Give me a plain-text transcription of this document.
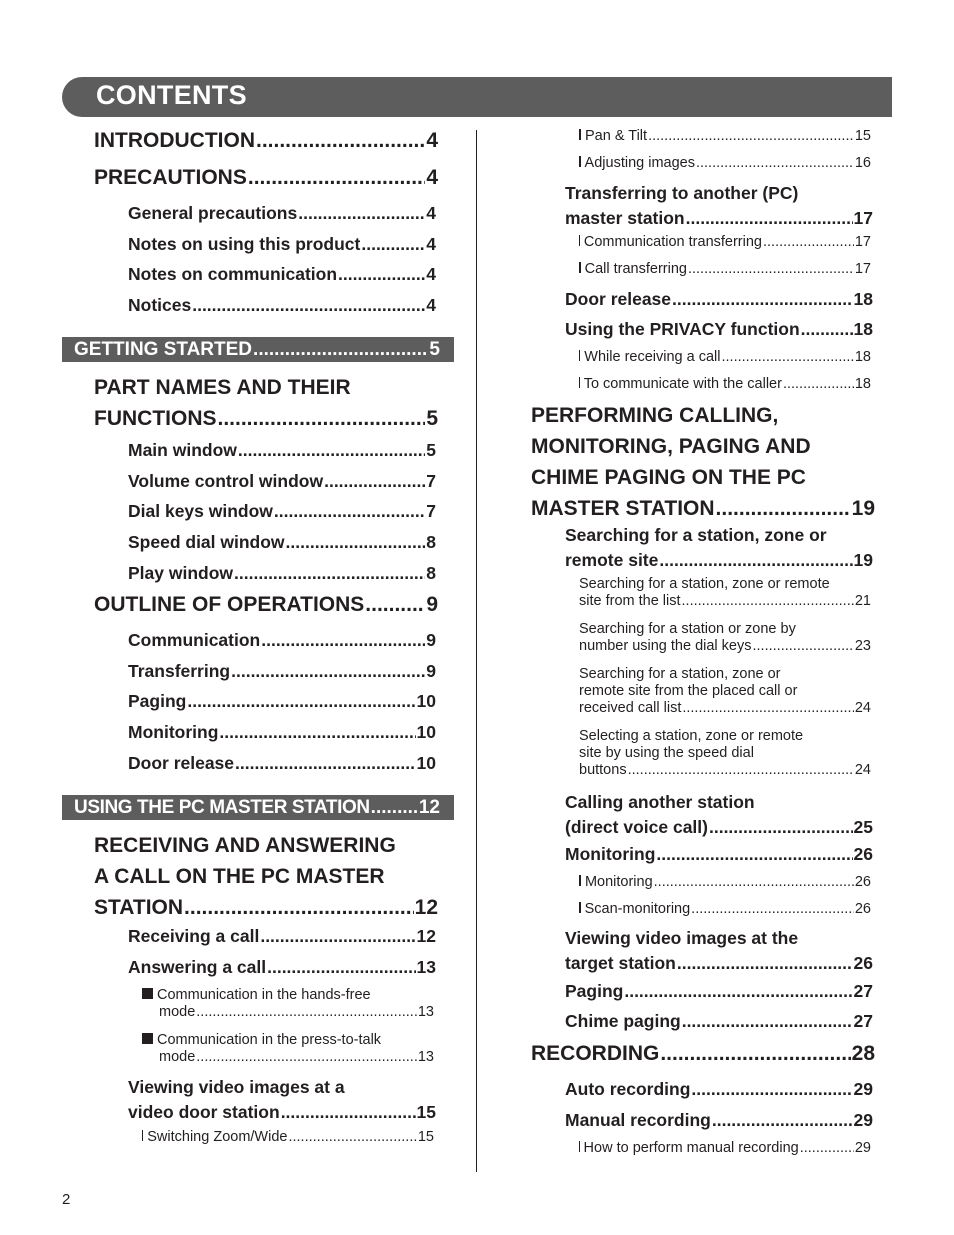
CONTENTS
INTRODUCTION .....	4
PRECAUTIONS .....	4
General precautions .....	4
Notes on using this product .....	4
Notes on communication .....	4
Notices .....	4
GETTING STARTED .....	5
PART NAMES AND THEIR
FUNCTIONS .....	5
Main window .....	5
Volume control window .....	7
Dial keys window .....	7
Speed dial window .....	8
Play window .....	8
OUTLINE OF OPERATIONS .....	9
Communication .....	9
Transferring .....	9
Paging .....	10
Monitoring .....	10
Door release .....	10
USING THE PC MASTER STATION .....	12
RECEIVING AND ANSWERING
A CALL ON THE PC MASTER
STATION .....	12
Receiving a call .....	12
Answering a call .....	13
Communication in the hands-free
mode .....	13
Communication in the press-to-talk
mode .....	13
Viewing video images at a
video door station .....	15
Switching Zoom/Wide .....	15
Pan & Tilt .....	15
Adjusting images .....	16
Transferring to another (PC)
master station .....	17
Communication transferring .....	17
Call transferring .....	17
Door release .....	18
Using the PRIVACY function .....	18
While receiving a call .....	18
To communicate with the caller .....	18
PERFORMING CALLING,
MONITORING, PAGING AND
CHIME PAGING ON THE PC
MASTER STATION .....	19
Searching for a station, zone or
remote site .....	19
Searching for a station, zone or remote
site from the list .....	21
Searching for a station or zone by
number using the dial keys .....	23
Searching for a station, zone or
remote site from the placed call or
received call list .....	24
Selecting a station, zone or remote
site by using the speed dial
buttons .....	24
Calling another station
(direct voice call) .....	25
Monitoring .....	26
Monitoring .....	26
Scan-monitoring .....	26
Viewing video images at the
target station .....	26
Paging .....	27
Chime paging .....	27
RECORDING .....	28
Auto recording .....	29
Manual recording .....	29
How to perform manual recording .....	29
2
